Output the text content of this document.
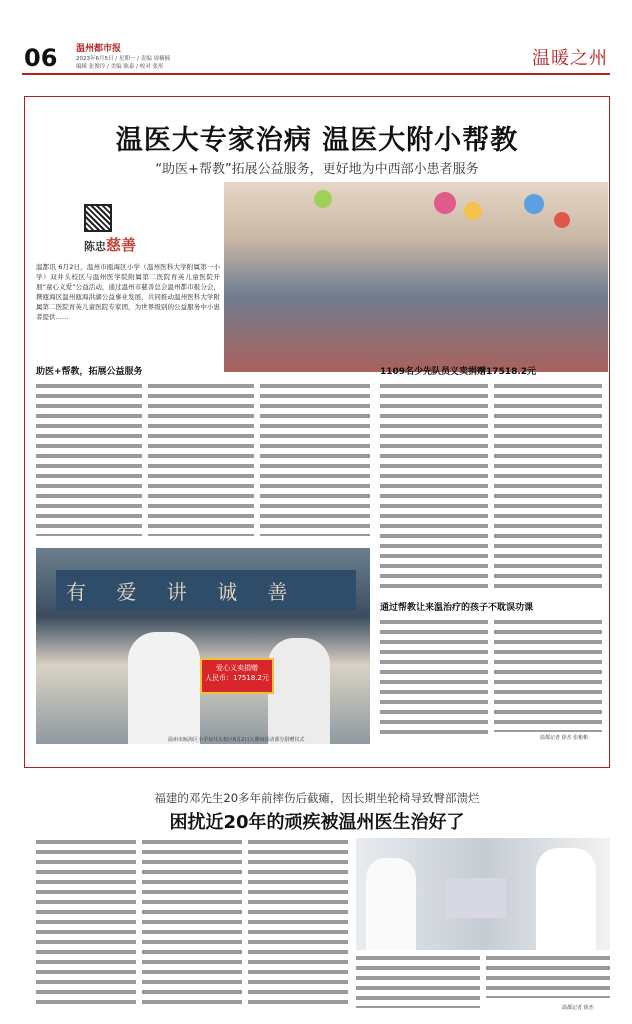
06 温州都市报
2023年6月5日 / 星期一 / 责编 周楠楠
编辑 张俊玲 / 美编 陈泰 / 校对 张彤	温暖之州
温医大专家治病 温医大附小帮教
“助医+帮教”拓展公益服务，更好地为中西部小患者服务
陈忠慈善
温都讯 6月2日，温州市瓯海区小学（温州医科大学附属第一小学）双井头校区与温州医学院附属第二医院育英儿童医院开展“童心义爱”公益活动，通过温州市慈善总会温州都市报分会，携瓯海区温州瓯海洪湖公益事业发展，共同推动温州医科大学附属第二医院育英儿童医院专家团，为世界级别的公益服务中小患者提供……
助医+帮教，拓展公益服务	1109名少先队员义卖捐赠17518.2元
通过帮教让来温治疗的孩子不耽误功课
温都记者 徐杰 张彬彬
有 爱 讲 诚 善
爱心义卖捐赠
人民币：17518.2元
温州市瓯海区小学双井头校区6月2日大课间活动部分捐赠仪式
福建的邓先生20多年前摔伤后截瘫，因长期坐轮椅导致臀部溃烂
困扰近20年的顽疾被温州医生治好了
温都记者 徐杰
